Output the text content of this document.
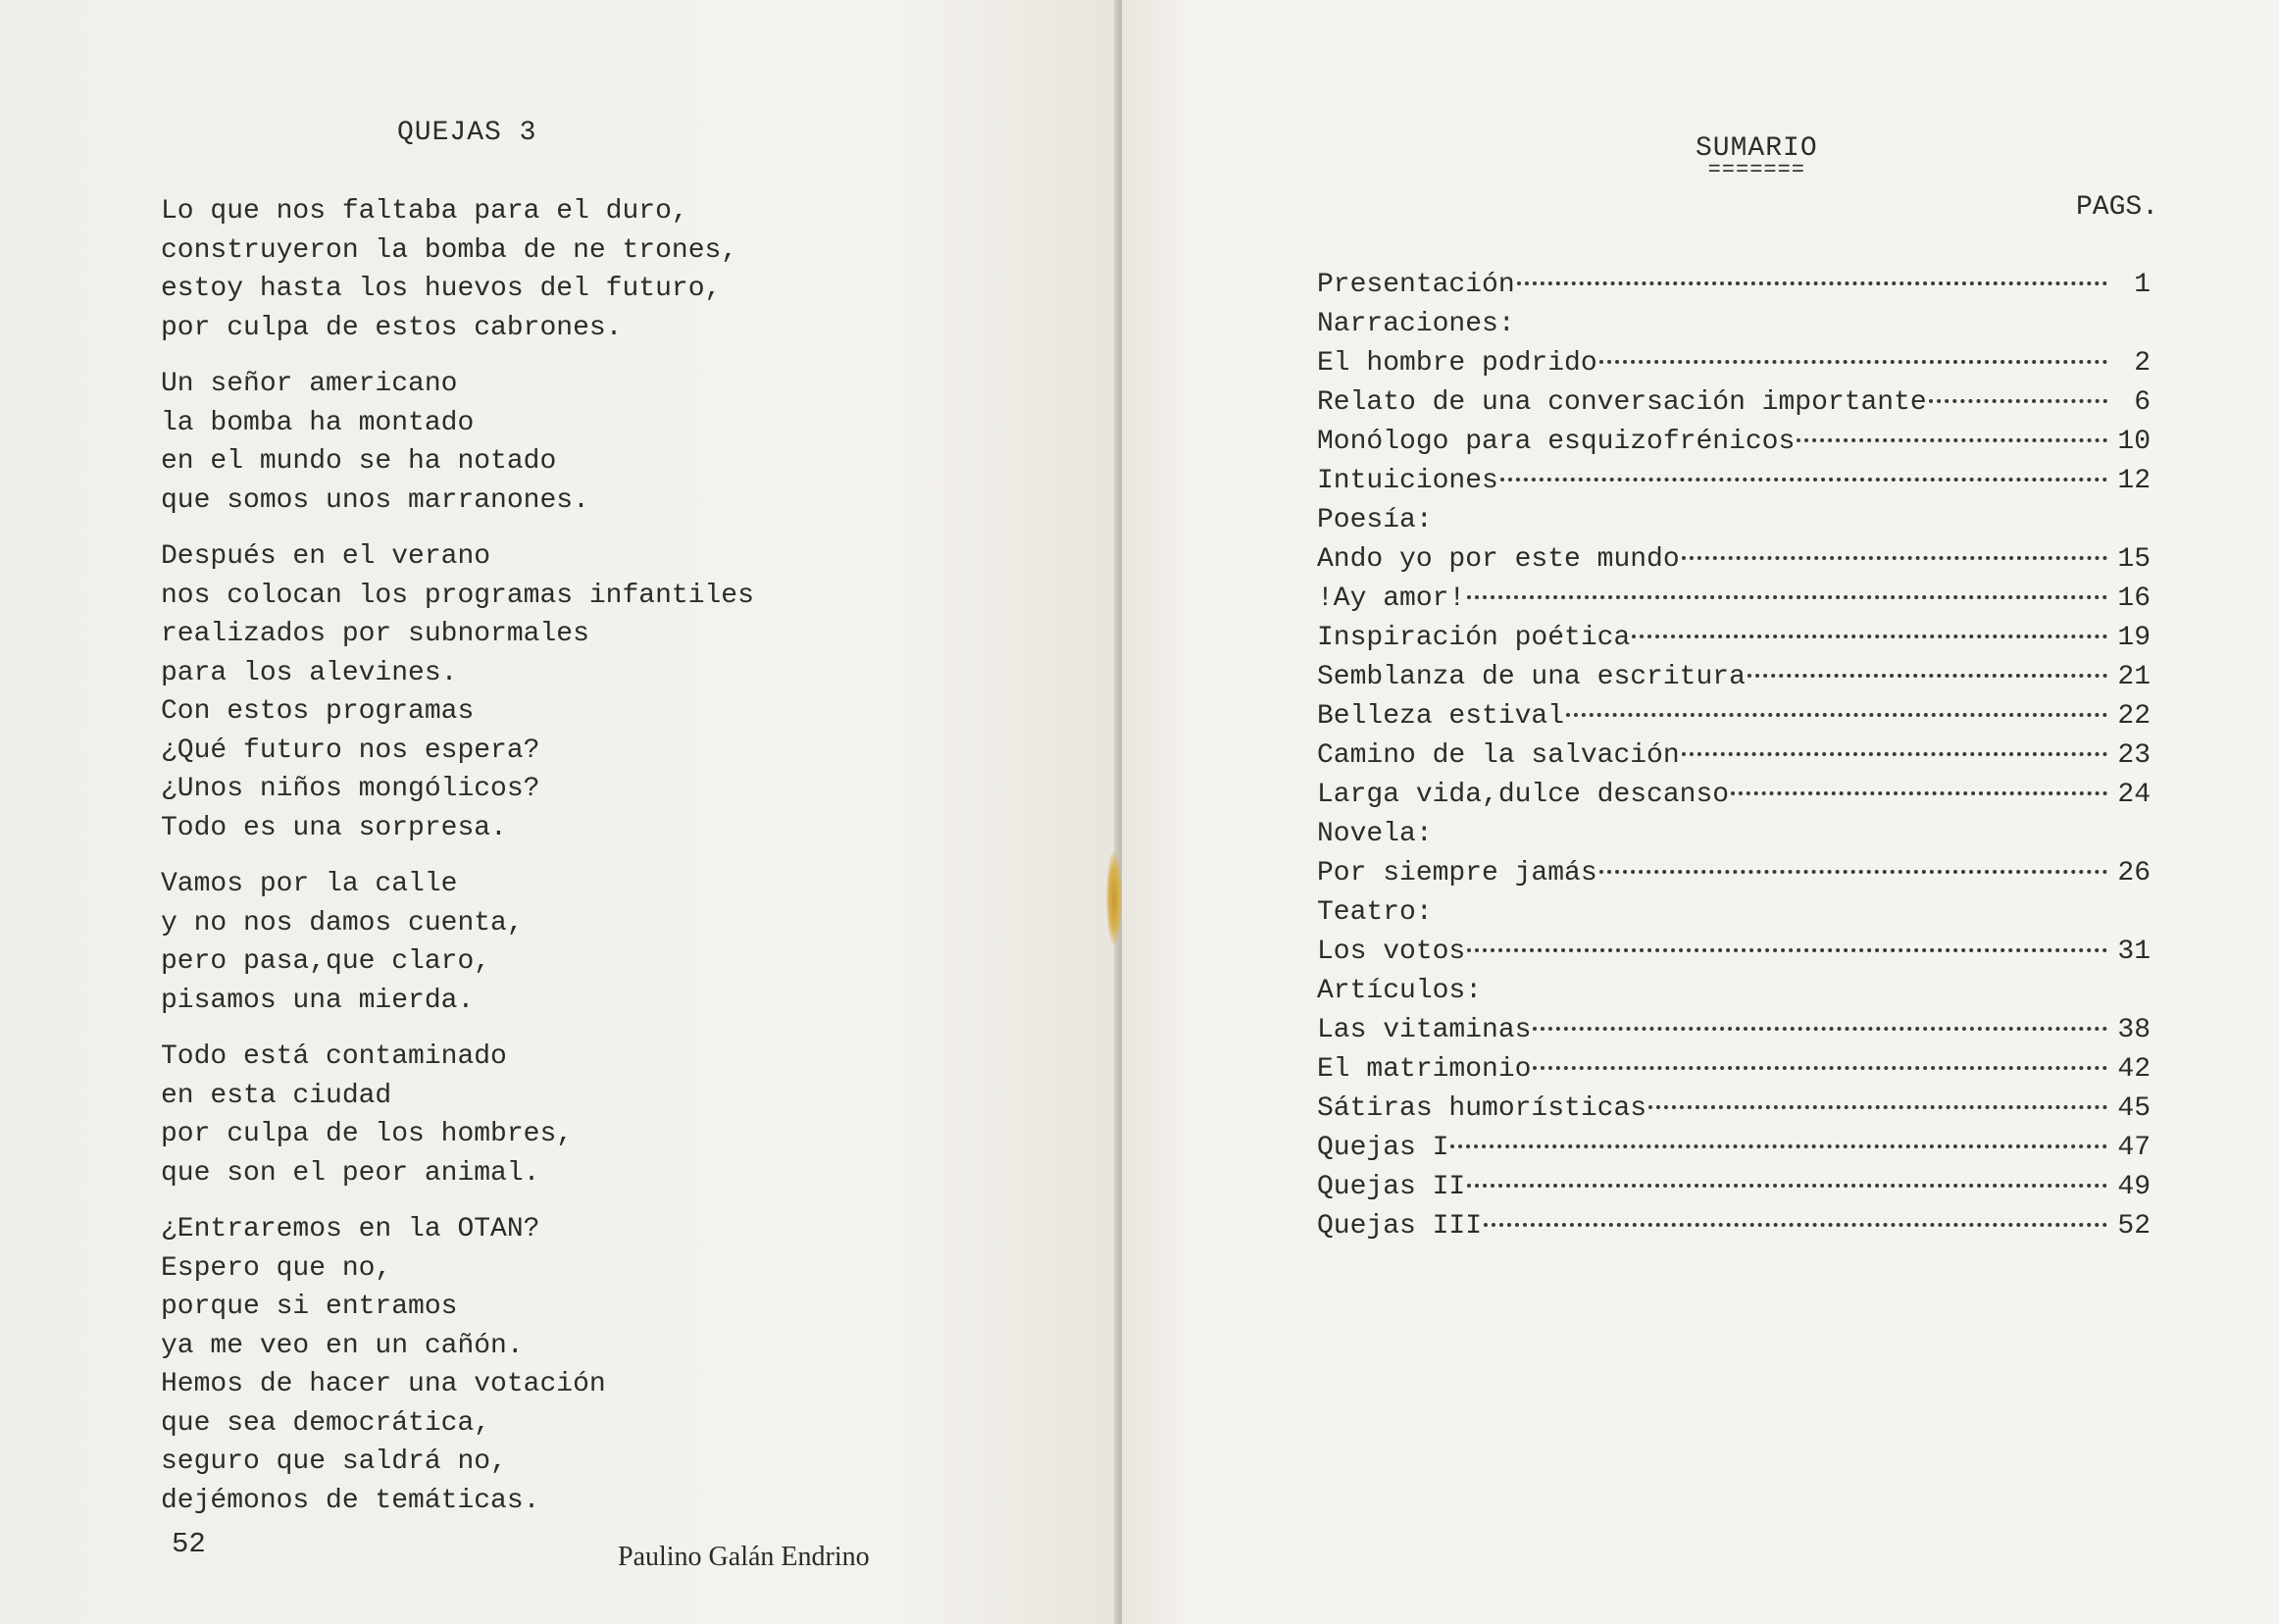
QUEJAS 3
Lo que nos faltaba para el duro,
construyeron la bomba de ne trones,
estoy hasta los huevos del futuro,
por culpa de estos cabrones.
Un señor americano
la bomba ha montado
en el mundo se ha notado
que somos unos marranones.
Después en el verano
nos colocan los programas infantiles
realizados por subnormales
para los alevines.
Con estos programas
¿Qué futuro nos espera?
¿Unos niños mongólicos?
Todo es una sorpresa.
Vamos por la calle
y no nos damos cuenta,
pero pasa,que claro,
pisamos una mierda.
Todo está contaminado
en esta ciudad
por culpa de los hombres,
que son el peor animal.
¿Entraremos en la OTAN?
Espero que no,
porque si entramos
ya me veo en un cañón.
Hemos de hacer una votación
que sea democrática,
seguro que saldrá no,
dejémonos de temáticas.
52	Paulino Galán Endrino
SUMARIO
=======
PAGS.
Presentación	1
Narraciones:
El hombre podrido	2
Relato de una conversación importante	6
Monólogo para esquizofrénicos	10
Intuiciones	12
Poesía:
Ando yo por este mundo	15
!Ay amor!	16
Inspiración poética	19
Semblanza de una escritura	21
Belleza estival	22
Camino de la salvación	23
Larga vida,dulce descanso	24
Novela:
Por siempre jamás	26
Teatro:
Los votos	31
Artículos:
Las vitaminas	38
El matrimonio	42
Sátiras humorísticas	45
Quejas I	47
Quejas II	49
Quejas III	52
